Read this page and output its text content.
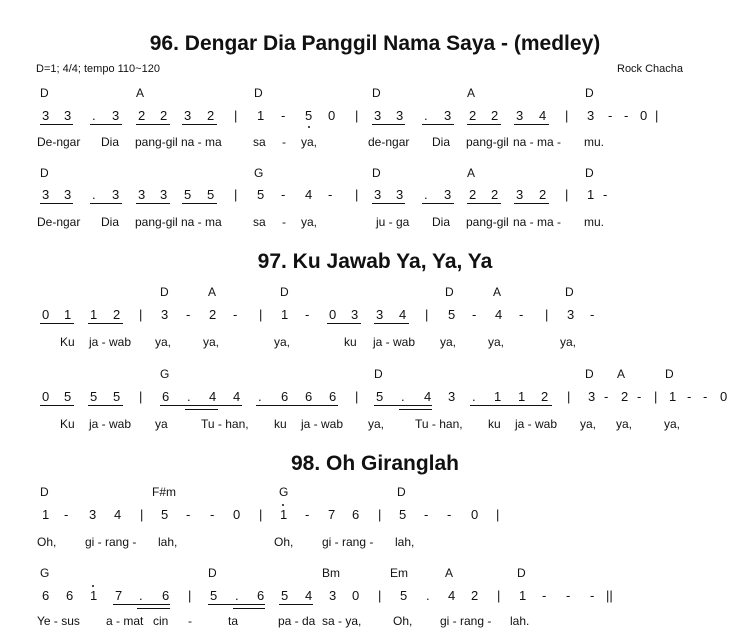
96. Dengar Dia Panggil Nama Saya - (medley)
D=1; 4/4; tempo 110~120	Rock Chacha
D	A	D	D	A	D
3 3 . 3 2 2 3 2 | 1 - 5 0 | 3 3 . 3 2 2 3 4 | 3 - - 0 |
De-ngar Dia pang-gil na - ma	sa - ya,	de-ngar Dia pang-gil na - ma - mu.
D	G	D	A	D
3 3 . 3 3 3 5 5 | 5 - 4 - | 3 3 . 3 2 2 3 2 | 1 -
De-ngar Dia pang-gil na - ma	sa - ya,	ju - ga Dia pang-gil na - ma - mu.
97. Ku Jawab Ya, Ya, Ya
D	A	D	D	A	D
0 1 1 2 | 3 - 2 - | 1 - 0 3 3 4 | 5 - 4 - | 3 -
Ku ja - wab ya,	ya,	ya,	ku ja - wab ya,	ya,	ya,
G	D	D A	D
0 5 5 5 | 6 . 4 4 . 6 6 6 | 5 . 4 3 . 1 1 2 | 3 - 2 - | 1 - - 0
Ku ja - wab ya	Tu - han, ku ja - wab ya,	Tu - han, ku ja - wab ya, ya,	ya,
98. Oh Giranglah
D	F#m	G	D
1 - 3 4 | 5 - - 0 | 1 - 7 6 | 5 - - 0 |
Oh, gi - rang - lah,	Oh, gi - rang - lah,
G	D	Bm	Em	A	D
6 6 1 7 . 6 | 5 . 6 5 4 3 0 | 5 . 4 2 | 1 - - - ||
Ye - sus a - mat cin -	ta	pa - da sa - ya,	Oh, gi - rang - lah.
